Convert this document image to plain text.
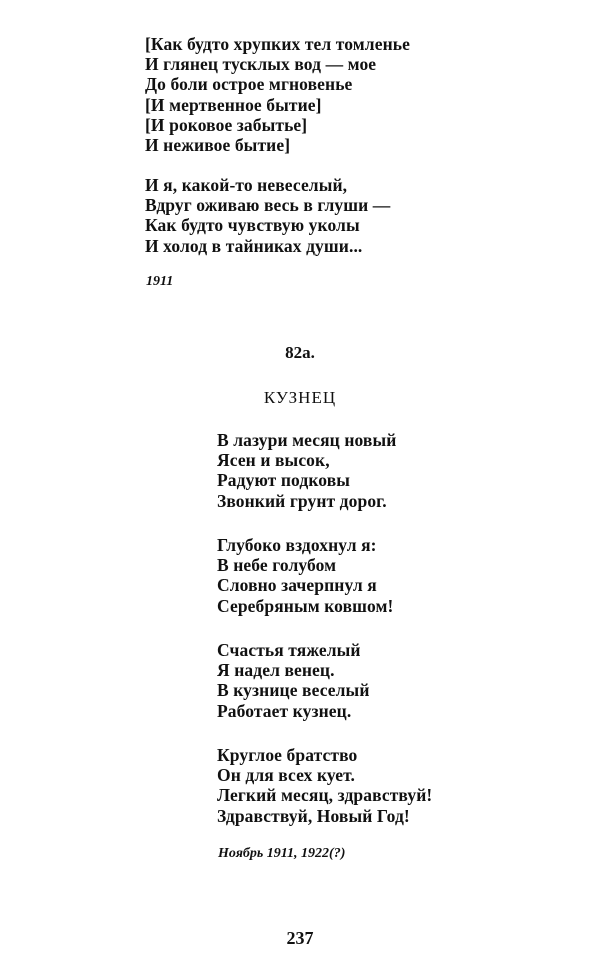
[Как будто хрупких тел томленье
И глянец тусклых вод — мое
До боли острое мгновенье
[И мертвенное бытие]
[И роковое забытье]
И неживое бытие]
И я, какой-то невеселый,
Вдруг оживаю весь в глуши —
Как будто чувствую уколы
И холод в тайниках души...
1911
82a.
КУЗНЕЦ
В лазури месяц новый
Ясен и высок,
Радуют подковы
Звонкий грунт дорог.
Глубоко вздохнул я:
В небе голубом
Словно зачерпнул я
Серебряным ковшом!
Счастья тяжелый
Я надел венец.
В кузнице веселый
Работает кузнец.
Круглое братство
Он для всех кует.
Легкий месяц, здравствуй!
Здравствуй, Новый Год!
Ноябрь 1911, 1922(?)
237
